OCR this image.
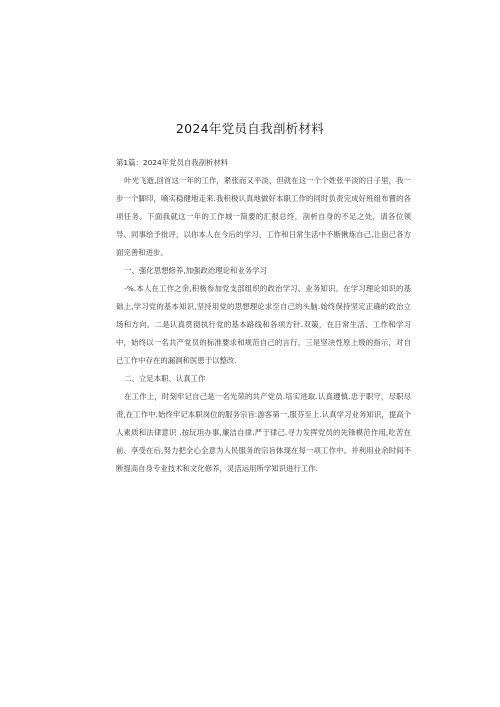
2024年党员自我剖析材料

第1篇：2024年党员自我剖析材料

叶光飞逝,回首这一年的工作，紧张而又平淡，但就在这一个个姓张平淡的日子里，我一步一个脚印，嘀实稳健地走来.我积极认真地做好本职工作的同时负责完成好班组布置的各项任务。下面我就这一年的工作城一简要的汇报总终，剖析自身的不足之处，请各位领导、同事给予批评，以你本人在今后的学习、工作和日常生活中不断揪炼自己,让囱己各方面完善和进步。

一、强化思想修养,加强政治理论和业务学习

-%.本人在工作之余,积极参加党支部组织的政治学习、业务知识。在学习理论知识的基础上,学习党的基本知识,坚持用党的思想理论求至自己的头脑.始终保持坚定正确的政治立场和方向。二是认真贯彻执行党的基本路线和各项方针.双策，在日常生活、工作和学习中，始终以一名共产党员的标准要求和规范自己的言行。三是坚决性原上级的指示，对自己工作中存在的漏洞和医患于以整改.

二、立足本职、认真工作

在工作上，时刻牢记自己是一名光荣的共产党员.培实进取.认真遵慎.忠于职守，尽职尽责,在工作中.始终牢记本职岗位的服务宗旨:游客第一,服芬至上.认真学习业务知识，提高个人素质和法律意识 .按玩坦办事,廉洁自律.严于律己.寻力发挥党员的先锋模范作用,吃苦在前、享受在后,努力把全心全意为人民服务的宗旨体现在每一项工作中。并利用业余时间不断提高自身专业技术和文化修养，灵活运用所学知识进行工作.
